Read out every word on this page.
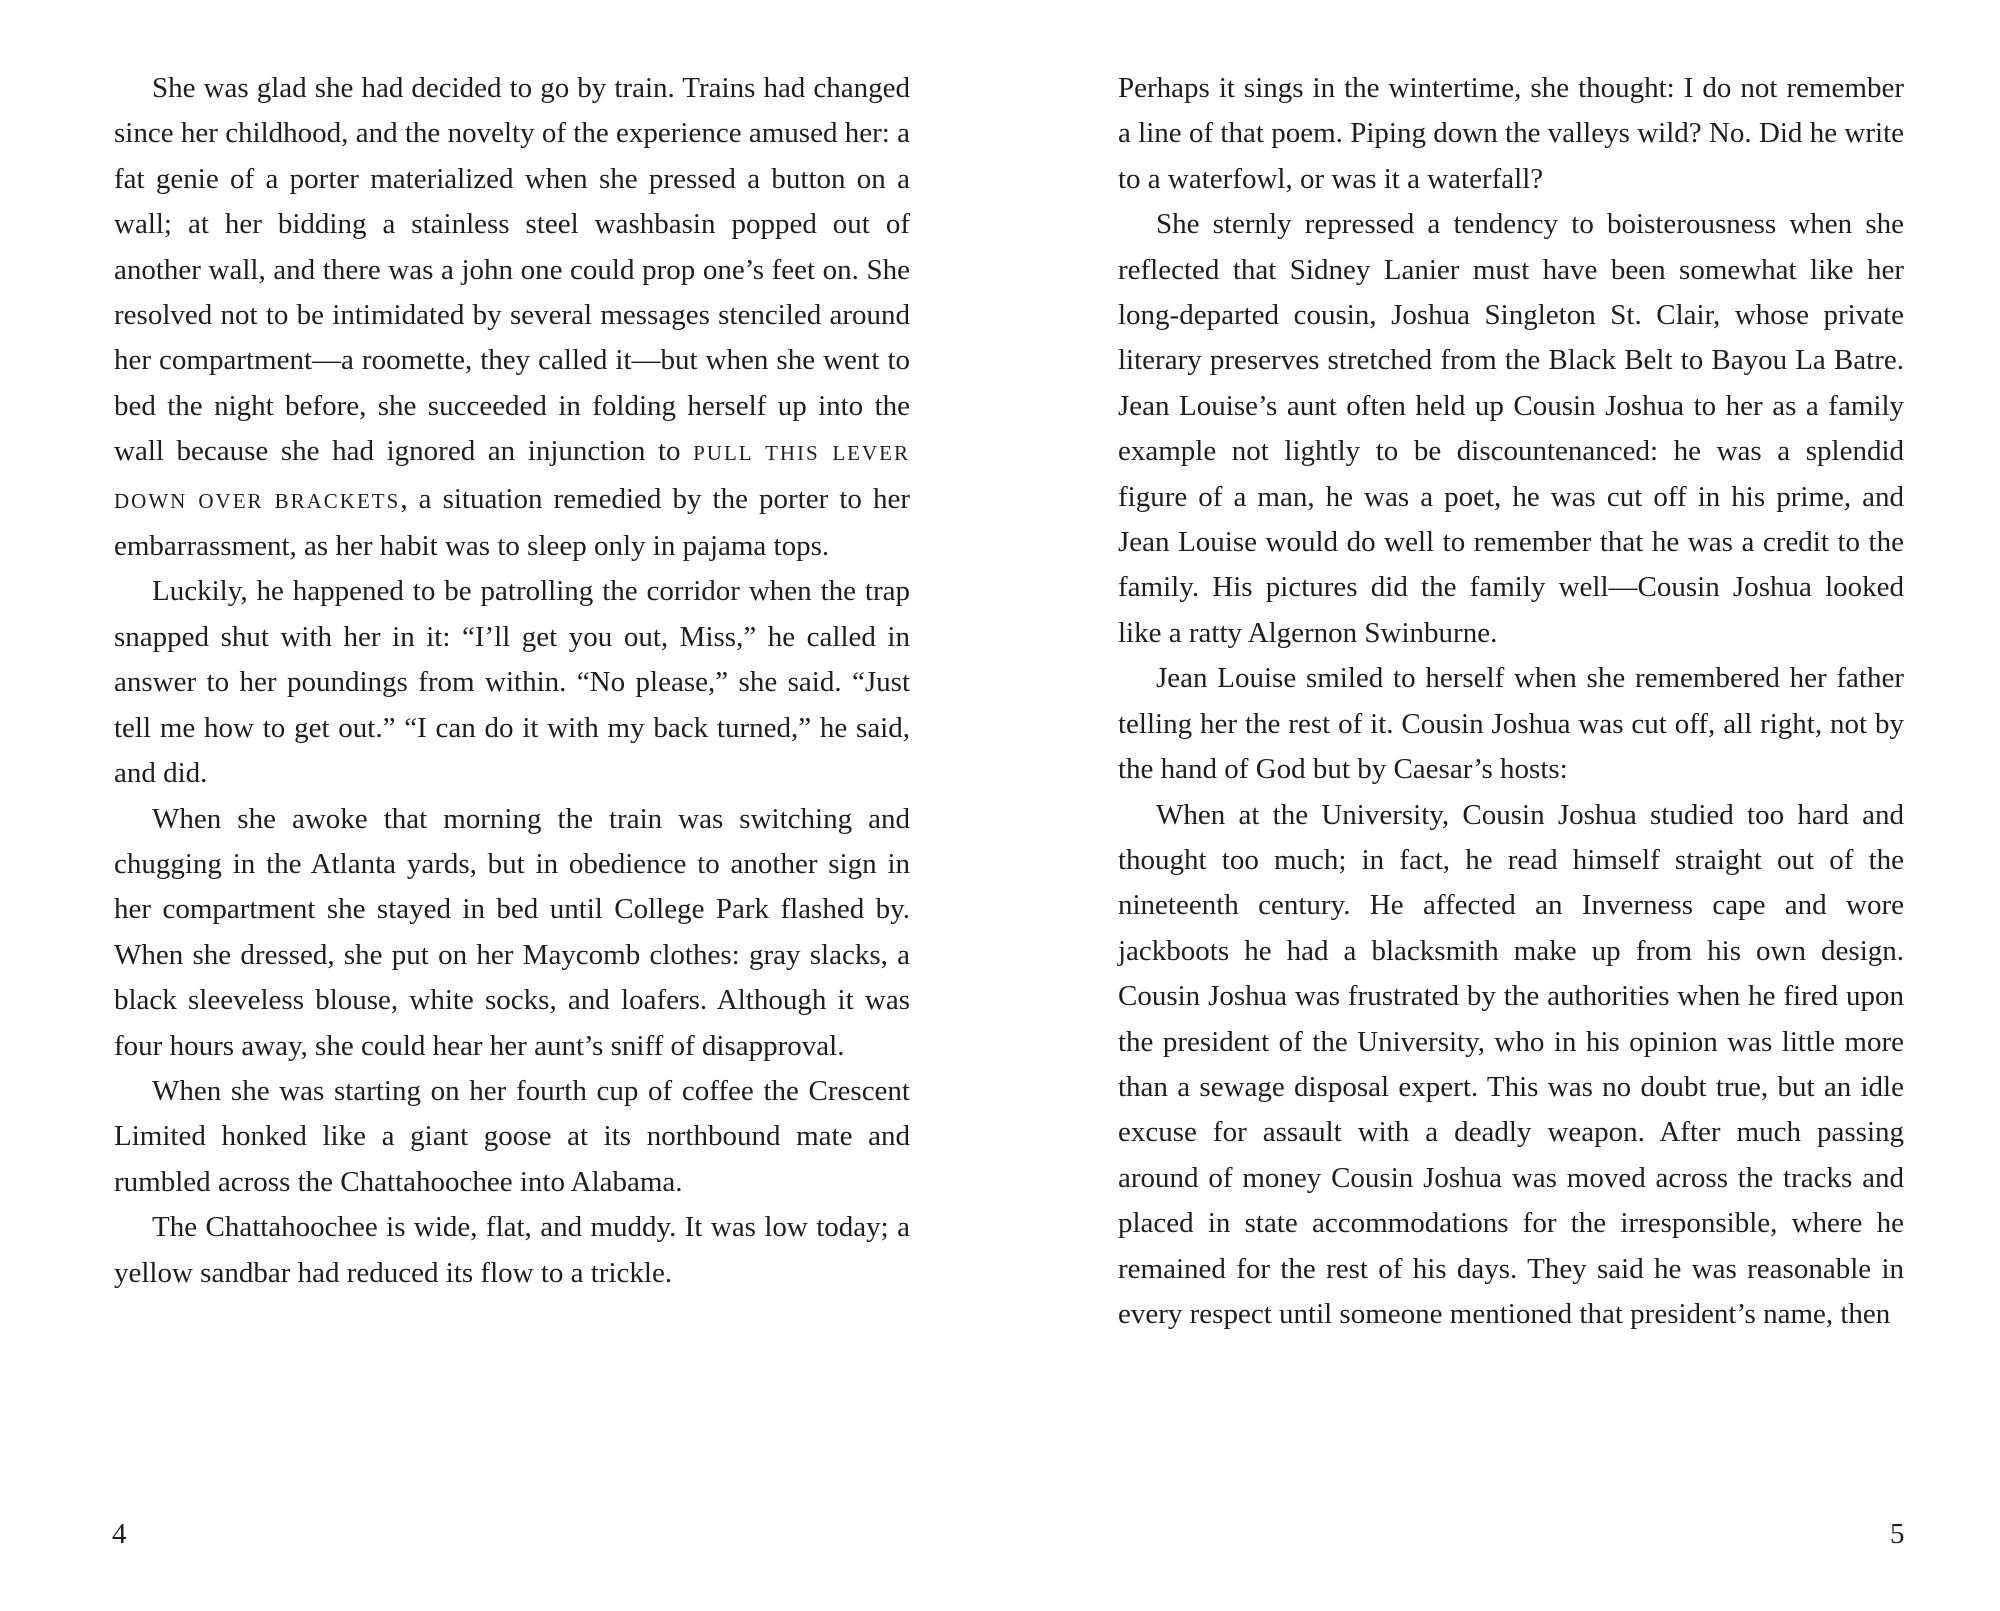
She was glad she had decided to go by train. Trains had changed since her childhood, and the novelty of the experience amused her: a fat genie of a porter materialized when she pressed a button on a wall; at her bidding a stainless steel washbasin popped out of another wall, and there was a john one could prop one’s feet on. She resolved not to be intimidated by several messages stenciled around her compartment—a roomette, they called it—but when she went to bed the night before, she succeeded in folding herself up into the wall because she had ignored an injunction to PULL THIS LEVER DOWN OVER BRACKETS, a situation remedied by the porter to her embarrassment, as her habit was to sleep only in pajama tops.

Luckily, he happened to be patrolling the corridor when the trap snapped shut with her in it: “I’ll get you out, Miss,” he called in answer to her poundings from within. “No please,” she said. “Just tell me how to get out.” “I can do it with my back turned,” he said, and did.

When she awoke that morning the train was switching and chugging in the Atlanta yards, but in obedience to another sign in her compartment she stayed in bed until College Park flashed by. When she dressed, she put on her Maycomb clothes: gray slacks, a black sleeveless blouse, white socks, and loafers. Although it was four hours away, she could hear her aunt’s sniff of disapproval.

When she was starting on her fourth cup of coffee the Crescent Limited honked like a giant goose at its northbound mate and rumbled across the Chattahoochee into Alabama.

The Chattahoochee is wide, flat, and muddy. It was low today; a yellow sandbar had reduced its flow to a trickle.

4

Perhaps it sings in the wintertime, she thought: I do not remember a line of that poem. Piping down the valleys wild? No. Did he write to a waterfowl, or was it a waterfall?

She sternly repressed a tendency to boisterousness when she reflected that Sidney Lanier must have been somewhat like her long-departed cousin, Joshua Singleton St. Clair, whose private literary preserves stretched from the Black Belt to Bayou La Batre. Jean Louise’s aunt often held up Cousin Joshua to her as a family example not lightly to be discountenanced: he was a splendid figure of a man, he was a poet, he was cut off in his prime, and Jean Louise would do well to remember that he was a credit to the family. His pictures did the family well—Cousin Joshua looked like a ratty Algernon Swinburne.

Jean Louise smiled to herself when she remembered her father telling her the rest of it. Cousin Joshua was cut off, all right, not by the hand of God but by Caesar’s hosts:

When at the University, Cousin Joshua studied too hard and thought too much; in fact, he read himself straight out of the nineteenth century. He affected an Inverness cape and wore jackboots he had a blacksmith make up from his own design. Cousin Joshua was frustrated by the authorities when he fired upon the president of the University, who in his opinion was little more than a sewage disposal expert. This was no doubt true, but an idle excuse for assault with a deadly weapon. After much passing around of money Cousin Joshua was moved across the tracks and placed in state accommodations for the irresponsible, where he remained for the rest of his days. They said he was reasonable in every respect until someone mentioned that president’s name, then

5
